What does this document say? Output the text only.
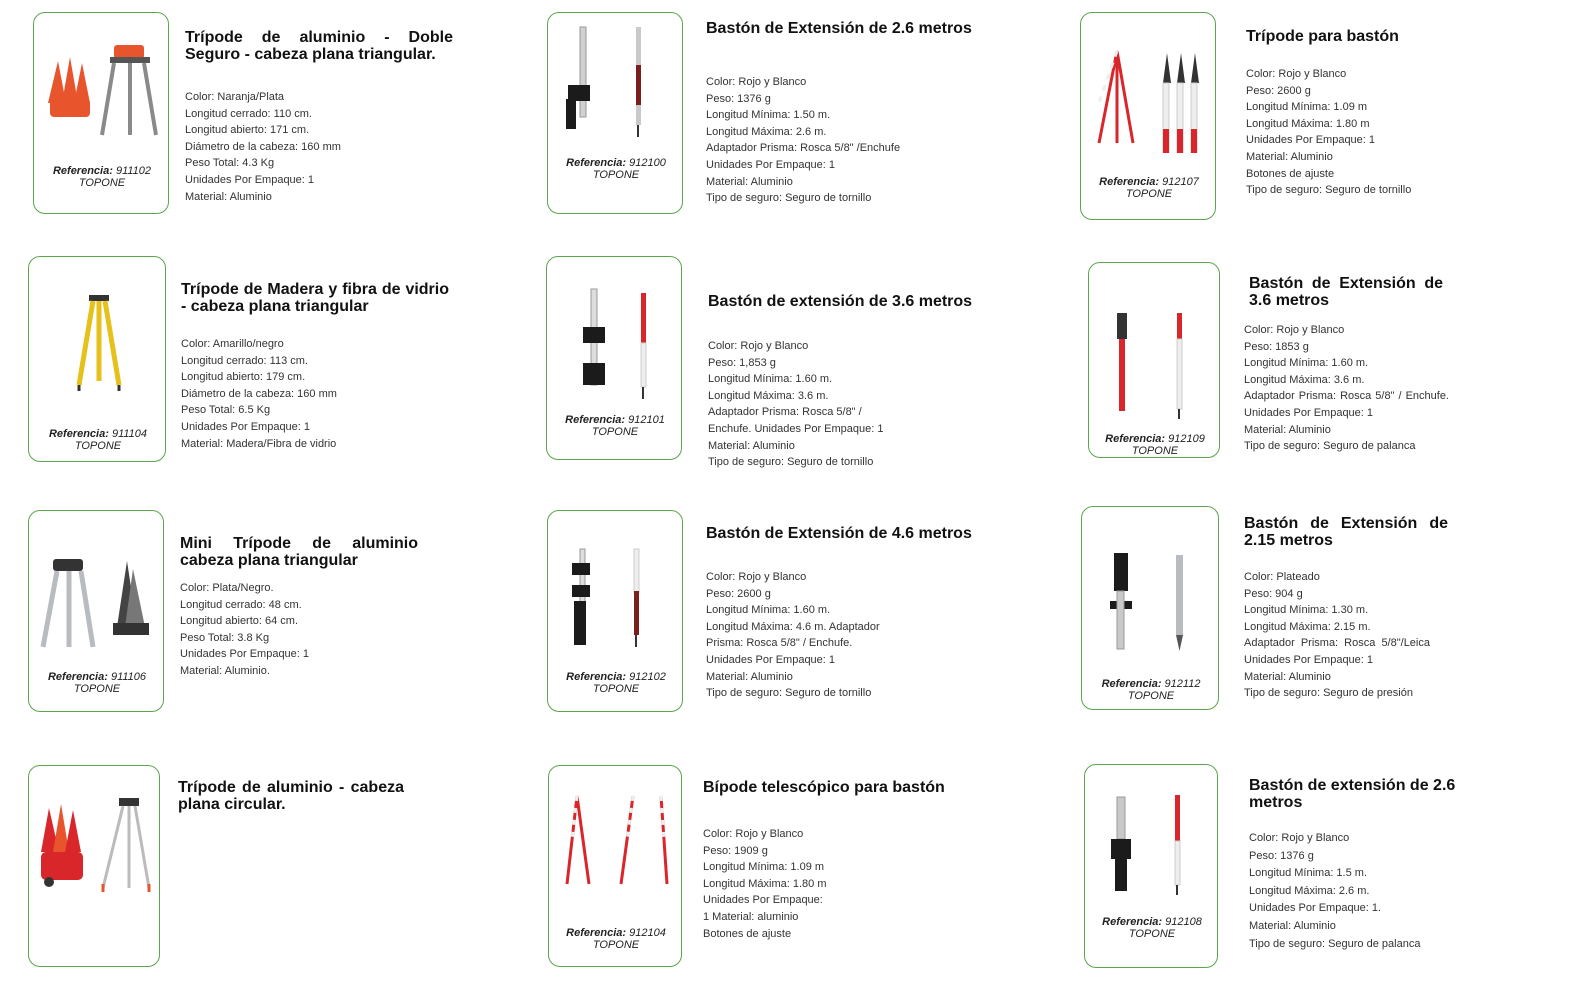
Referencia: 911102
TOPONE
Trípode de aluminio - Doble Seguro - cabeza plana triangular.
Color: Naranja/Plata
Longitud cerrado: 110 cm.
Longitud abierto: 171 cm.
Diámetro de la cabeza: 160 mm
Peso Total: 4.3 Kg
Unidades Por Empaque: 1
Material: Aluminio
Referencia: 912100
TOPONE
Bastón de Extensión de 2.6 metros
Color: Rojo y Blanco
Peso: 1376 g
Longitud Mínima: 1.50 m.
Longitud Máxima: 2.6 m.
Adaptador Prisma: Rosca 5/8" /Enchufe
Unidades Por Empaque: 1
Material: Aluminio
Tipo de seguro: Seguro de tornillo
Referencia: 912107
TOPONE
Trípode para bastón
Color: Rojo y Blanco
Peso: 2600 g
Longitud Mínima: 1.09 m
Longitud Máxima: 1.80 m
Unidades Por Empaque: 1
Material: Aluminio
Botones de ajuste
Tipo de seguro: Seguro de tornillo
Referencia: 911104
TOPONE
Trípode de Madera y fibra de vidrio - cabeza plana triangular
Color: Amarillo/negro
Longitud cerrado: 113 cm.
Longitud abierto: 179 cm.
Diámetro de la cabeza: 160 mm
Peso Total: 6.5 Kg
Unidades Por Empaque: 1
Material: Madera/Fibra de vidrio
Referencia: 912101
TOPONE
Bastón de extensión de 3.6 metros
Color: Rojo y Blanco
Peso: 1,853 g
Longitud Mínima: 1.60 m.
Longitud Máxima: 3.6 m.
Adaptador Prisma: Rosca 5/8" /
Enchufe. Unidades Por Empaque: 1
Material: Aluminio
Tipo de seguro: Seguro de tornillo
Referencia: 912109
TOPONE
Bastón de Extensión de 3.6 metros
Color: Rojo y Blanco
Peso: 1853 g
Longitud Mínima: 1.60 m.
Longitud Máxima: 3.6 m.
Adaptador Prisma: Rosca 5/8" / Enchufe. Unidades Por Empaque: 1
Material: Aluminio
Tipo de seguro: Seguro de palanca
Referencia: 911106
TOPONE
Mini Trípode de aluminio cabeza plana triangular
Color: Plata/Negro.
Longitud cerrado: 48 cm.
Longitud abierto: 64 cm.
Peso Total: 3.8 Kg
Unidades Por Empaque: 1
Material: Aluminio.
Referencia: 912102
TOPONE
Bastón de Extensión de 4.6 metros
Color: Rojo y Blanco
Peso: 2600 g
Longitud Mínima: 1.60 m.
Longitud Máxima: 4.6 m. Adaptador
Prisma: Rosca 5/8" / Enchufe.
Unidades Por Empaque: 1
Material: Aluminio
Tipo de seguro: Seguro de tornillo
Referencia: 912112
TOPONE
Bastón de Extensión de 2.15 metros
Color: Plateado
Peso: 904 g
Longitud Mínima: 1.30 m.
Longitud Máxima: 2.15 m.
Adaptador Prisma: Rosca 5/8"/Leica Unidades Por Empaque: 1
Material: Aluminio
Tipo de seguro: Seguro de presión
Trípode de aluminio - cabeza plana circular.
Referencia: 912104
TOPONE
Bípode telescópico para bastón
Color: Rojo y Blanco
Peso: 1909 g
Longitud Mínima: 1.09 m
Longitud Máxima: 1.80 m
Unidades Por Empaque:
1 Material: aluminio
Botones de ajuste
Referencia: 912108
TOPONE
Bastón de extensión de 2.6 metros
Color: Rojo y Blanco
Peso: 1376 g
Longitud Mínima: 1.5 m.
Longitud Máxima: 2.6 m.
Unidades Por Empaque: 1.
Material: Aluminio
Tipo de seguro: Seguro de palanca
